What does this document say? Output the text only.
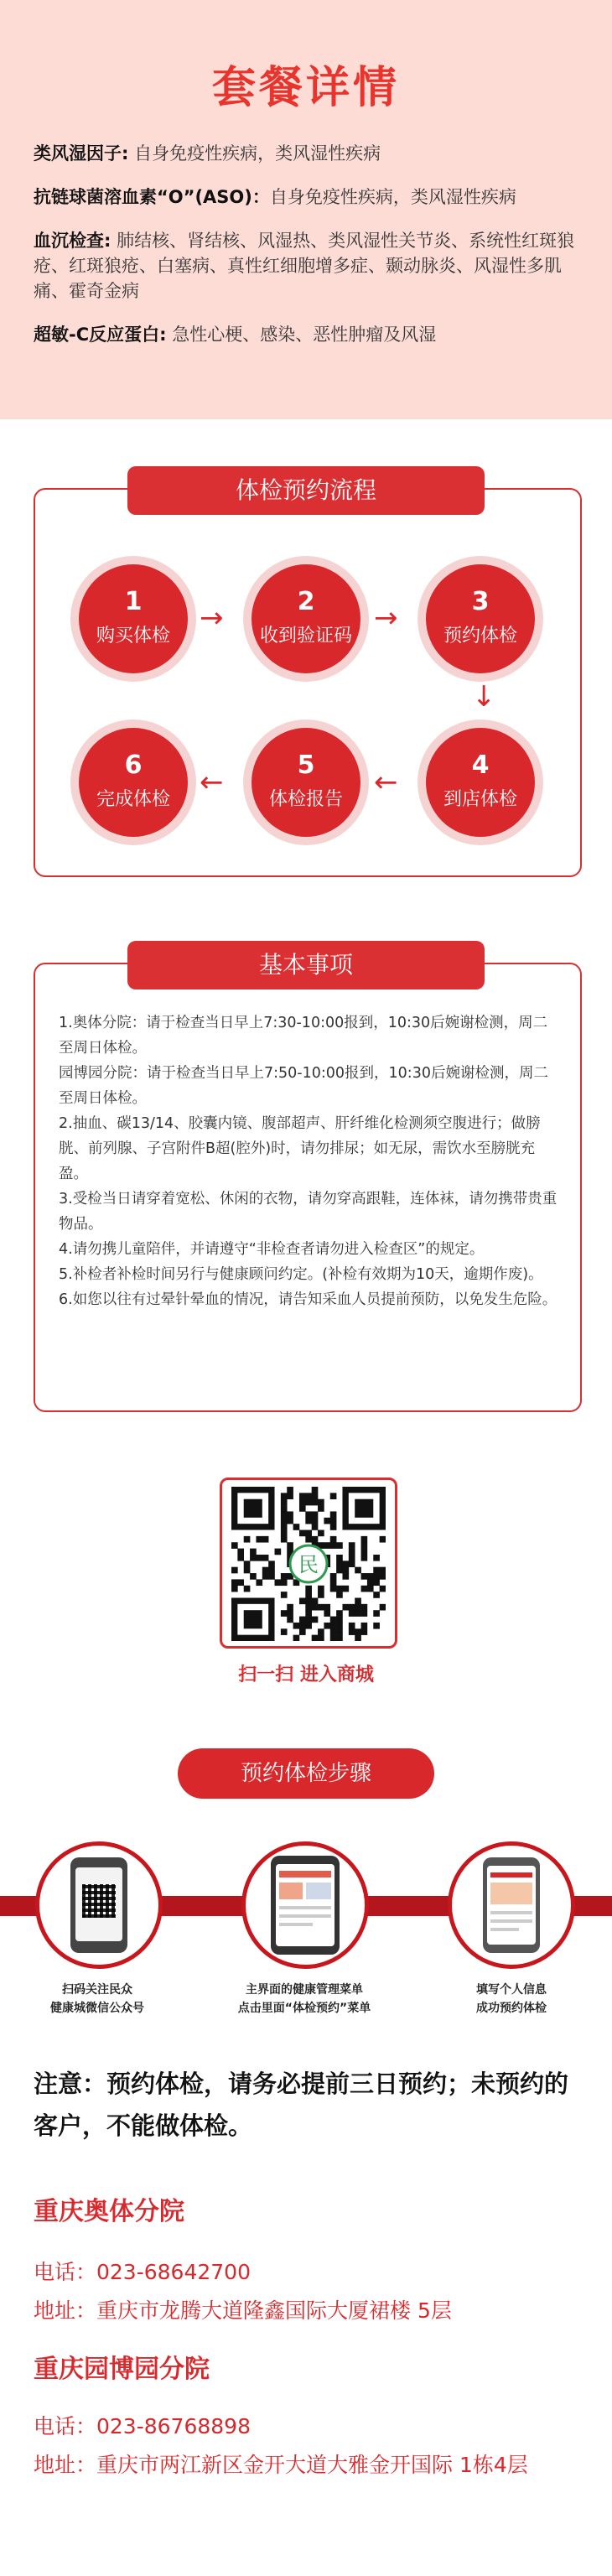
套餐详情
类风湿因子: 自身免疫性疾病，类风湿性疾病
抗链球菌溶血素“O”(ASO)：自身免疫性疾病，类风湿性疾病
血沉检查: 肺结核、肾结核、风湿热、类风湿性关节炎、系统性红斑狼疮、红斑狼疮、白塞病、真性红细胞增多症、颞动脉炎、风湿性多肌痛、霍奇金病
超敏-C反应蛋白: 急性心梗、感染、恶性肿瘤及风湿
体检预约流程
1
购买体检
2
收到验证码
3
预约体检
4
到店体检
5
体检报告
6
完成体检
→	→
↓
←
←
基本事项

1.奥体分院：请于检查当日早上7:30-10:00报到，10:30后婉谢检测，周二至周日体检。

园博园分院：请于检查当日早上7:50-10:00报到，10:30后婉谢检测，周二至周日体检。

2.抽血、碳13/14、胶囊内镜、腹部超声、肝纤维化检测须空腹进行；做膀胱、前列腺、子宫附件B超(腔外)时，请勿排尿；如无尿，需饮水至膀胱充盈。

3.受检当日请穿着宽松、休闲的衣物，请勿穿高跟鞋，连体袜，请勿携带贵重物品。

4.请勿携儿童陪伴，并请遵守“非检查者请勿进入检查区”的规定。

5.补检者补检时间另行与健康顾问约定。(补检有效期为10天，逾期作废)。

6.如您以往有过晕针晕血的情况，请告知采血人员提前预防，以免发生危险。

民
扫一扫 进入商城
预约体检步骤
扫码关注民众
健康城微信公众号
主界面的健康管理菜单
点击里面“体检预约”菜单
填写个人信息
成功预约体检
注意：预约体检，请务必提前三日预约；未预约的客户，不能做体检。
重庆奥体分院
电话：023-68642700
地址：重庆市龙腾大道隆鑫国际大厦裙楼 5层
重庆园博园分院
电话：023-86768898
地址：重庆市两江新区金开大道大雅金开国际 1栋4层
